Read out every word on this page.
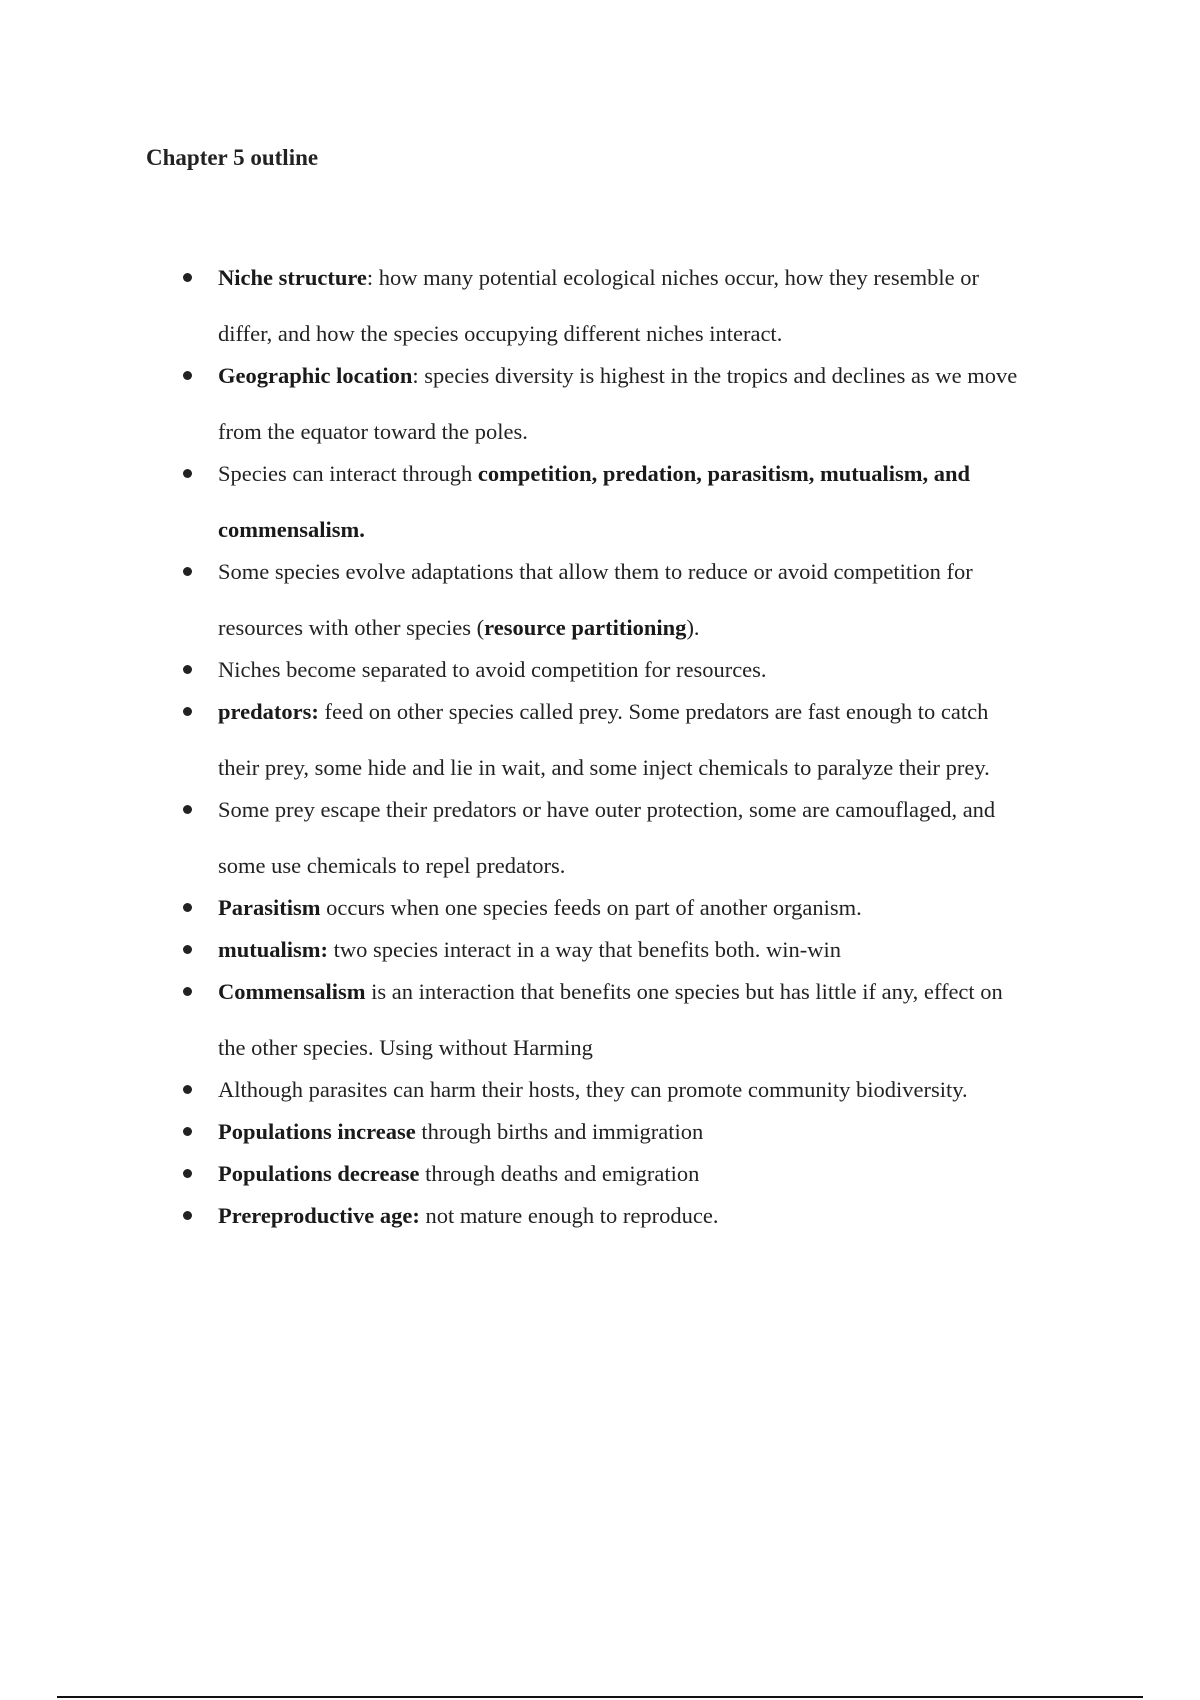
Chapter 5 outline
Niche structure: how many potential ecological niches occur, how they resemble or
differ, and how the species occupying different niches interact.
Geographic location: species diversity is highest in the tropics and declines as we move
from the equator toward the poles.
Species can interact through competition, predation, parasitism, mutualism, and
commensalism.
Some species evolve adaptations that allow them to reduce or avoid competition for
resources with other species (resource partitioning).
Niches become separated to avoid competition for resources.
predators: feed on other species called prey. Some predators are fast enough to catch
their prey, some hide and lie in wait, and some inject chemicals to paralyze their prey.
Some prey escape their predators or have outer protection, some are camouflaged, and
some use chemicals to repel predators.
Parasitism occurs when one species feeds on part of another organism.
mutualism: two species interact in a way that benefits both. win-win
Commensalism is an interaction that benefits one species but has little if any, effect on
the other species. Using without Harming
Although parasites can harm their hosts, they can promote community biodiversity.
Populations increase through births and immigration
Populations decrease through deaths and emigration
Prereproductive age: not mature enough to reproduce.
